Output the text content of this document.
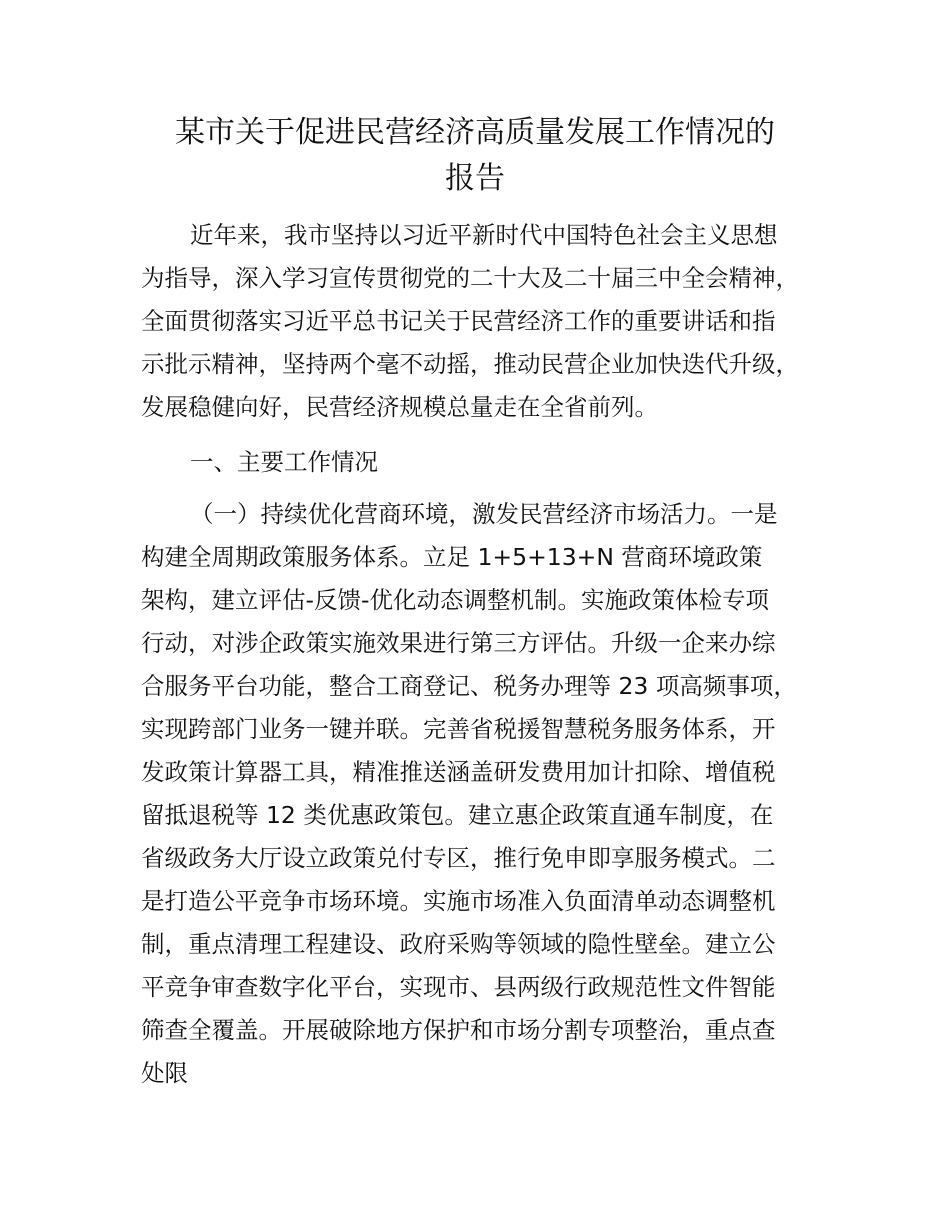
某市关于促进民营经济高质量发展工作情况的
报告

近年来，我市坚持以习近平新时代中国特色社会主义思想

为指导，深入学习宣传贯彻党的二十大及二十届三中全会精神，

全面贯彻落实习近平总书记关于民营经济工作的重要讲话和指

示批示精神，坚持两个毫不动摇，推动民营企业加快迭代升级，

发展稳健向好，民营经济规模总量走在全省前列。

一、主要工作情况

（一）持续优化营商环境，激发民营经济市场活力。一是

构建全周期政策服务体系。立足 1+5+13+N 营商环境政策

架构，建立评估-反馈-优化动态调整机制。实施政策体检专项

行动，对涉企政策实施效果进行第三方评估。升级一企来办综

合服务平台功能，整合工商登记、税务办理等 23 项高频事项，

实现跨部门业务一键并联。完善省税援智慧税务服务体系，开

发政策计算器工具，精准推送涵盖研发费用加计扣除、增值税

留抵退税等 12 类优惠政策包。建立惠企政策直通车制度，在

省级政务大厅设立政策兑付专区，推行免申即享服务模式。二

是打造公平竞争市场环境。实施市场准入负面清单动态调整机

制，重点清理工程建设、政府采购等领域的隐性壁垒。建立公

平竞争审查数字化平台，实现市、县两级行政规范性文件智能

筛查全覆盖。开展破除地方保护和市场分割专项整治，重点查

处限
